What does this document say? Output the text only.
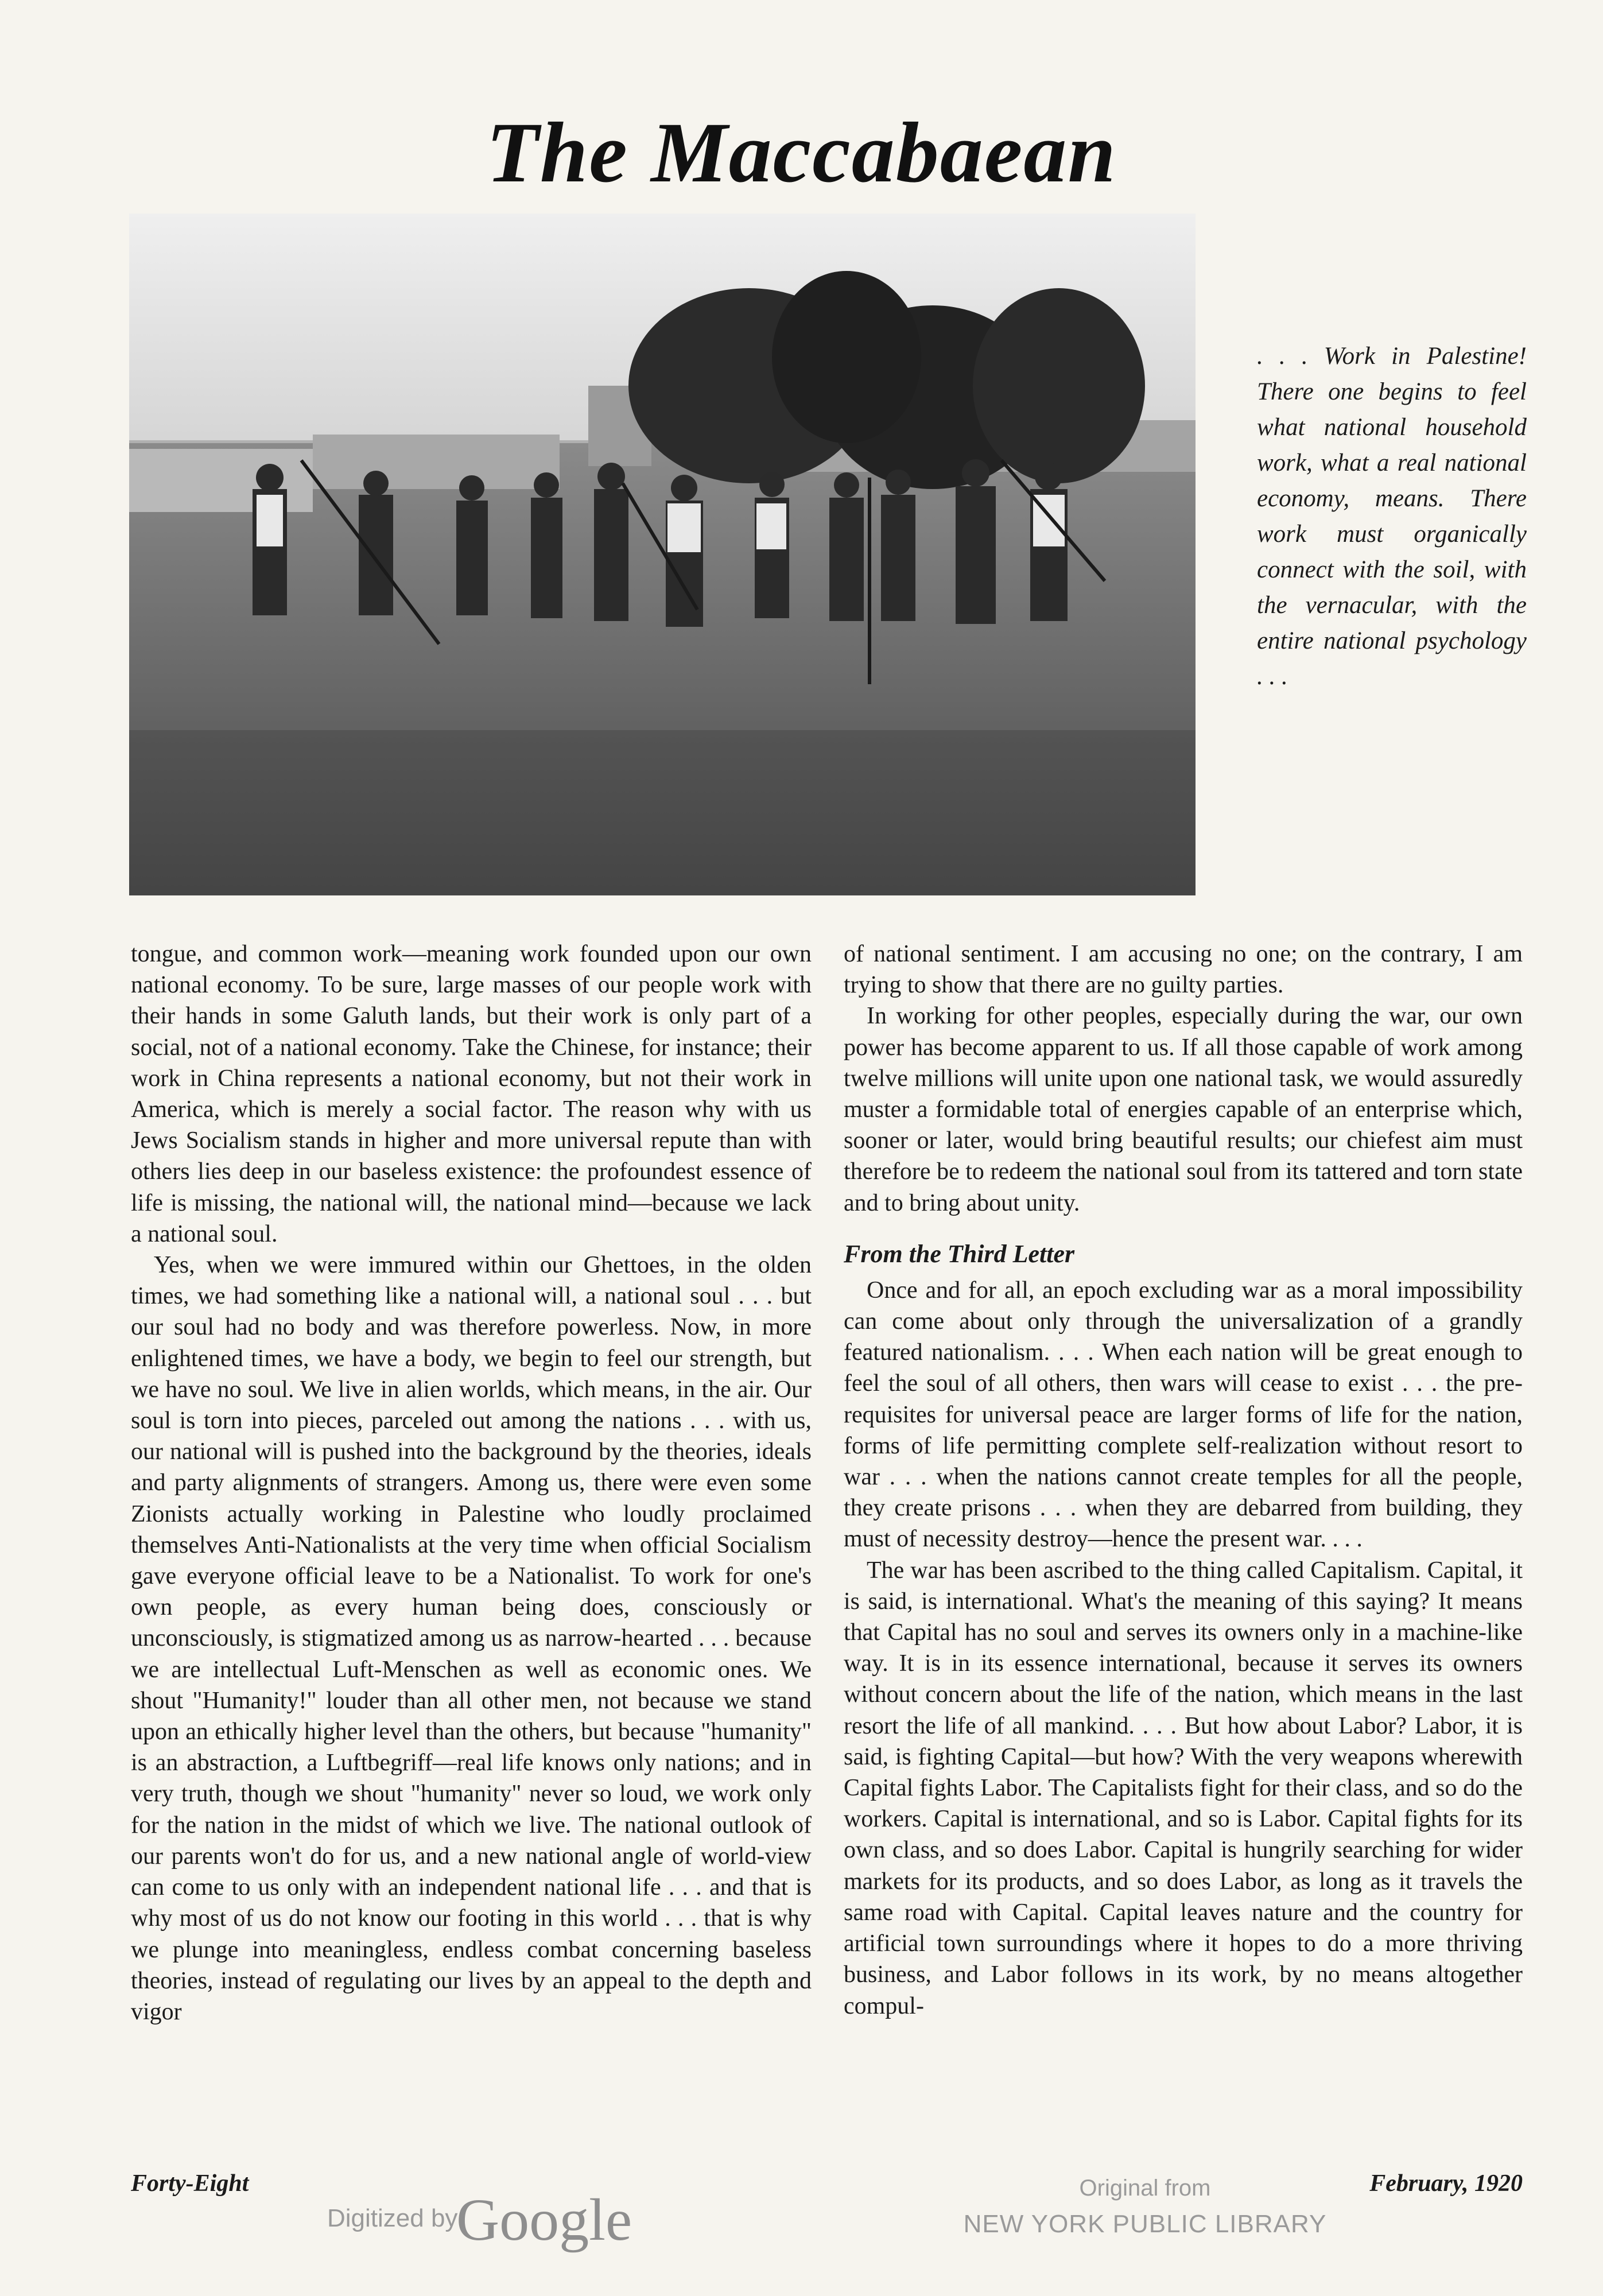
The Maccabaean

. . . Work in Palestine! There one begins to feel what national household work, what a real national economy, means. There work must organically connect with the soil, with the vernacular, with the entire national psychology . . .

tongue, and common work—meaning work founded upon our own national economy. To be sure, large masses of our people work with their hands in some Galuth lands, but their work is only part of a social, not of a national economy. Take the Chinese, for instance; their work in China represents a national economy, but not their work in America, which is merely a social factor. The reason why with us Jews Socialism stands in higher and more universal repute than with others lies deep in our baseless existence: the profoundest essence of life is missing, the national will, the national mind—because we lack a national soul.

Yes, when we were immured within our Ghettoes, in the olden times, we had something like a national will, a national soul . . . but our soul had no body and was therefore powerless. Now, in more enlightened times, we have a body, we begin to feel our strength, but we have no soul. We live in alien worlds, which means, in the air. Our soul is torn into pieces, parceled out among the nations . . . with us, our national will is pushed into the background by the theories, ideals and party alignments of strangers. Among us, there were even some Zionists actually working in Palestine who loudly proclaimed themselves Anti-Nationalists at the very time when official Socialism gave everyone official leave to be a Nationalist. To work for one's own people, as every human being does, consciously or unconsciously, is stigmatized among us as narrow-hearted . . . because we are intellectual Luft-Menschen as well as economic ones. We shout "Humanity!" louder than all other men, not because we stand upon an ethically higher level than the others, but because "humanity" is an abstraction, a Luftbegriff—real life knows only nations; and in very truth, though we shout "humanity" never so loud, we work only for the nation in the midst of which we live. The national outlook of our parents won't do for us, and a new national angle of world-view can come to us only with an independent national life . . . and that is why most of us do not know our footing in this world . . . that is why we plunge into meaningless, endless combat concerning baseless theories, instead of regulating our lives by an appeal to the depth and vigor

of national sentiment. I am accusing no one; on the contrary, I am trying to show that there are no guilty parties.

In working for other peoples, especially during the war, our own power has become apparent to us. If all those capable of work among twelve millions will unite upon one national task, we would assuredly muster a formidable total of energies capable of an enterprise which, sooner or later, would bring beautiful results; our chiefest aim must therefore be to redeem the national soul from its tattered and torn state and to bring about unity.

From the Third Letter

Once and for all, an epoch excluding war as a moral impossibility can come about only through the universalization of a grandly featured nationalism. . . . When each nation will be great enough to feel the soul of all others, then wars will cease to exist . . . the pre-requisites for universal peace are larger forms of life for the nation, forms of life permitting complete self-realization without resort to war . . . when the nations cannot create temples for all the people, they create prisons . . . when they are debarred from building, they must of necessity destroy—hence the present war. . . .

The war has been ascribed to the thing called Capitalism. Capital, it is said, is international. What's the meaning of this saying? It means that Capital has no soul and serves its owners only in a machine-like way. It is in its essence international, because it serves its owners without concern about the life of the nation, which means in the last resort the life of all mankind. . . . But how about Labor? Labor, it is said, is fighting Capital—but how? With the very weapons wherewith Capital fights Labor. The Capitalists fight for their class, and so do the workers. Capital is international, and so is Labor. Capital fights for its own class, and so does Labor. Capital is hungrily searching for wider markets for its products, and so does Labor, as long as it travels the same road with Capital. Capital leaves nature and the country for artificial town surroundings where it hopes to do a more thriving business, and Labor follows in its work, by no means altogether compul-

Forty-Eight	February, 1920
Digitized by
Google	Original from
NEW YORK PUBLIC LIBRARY
